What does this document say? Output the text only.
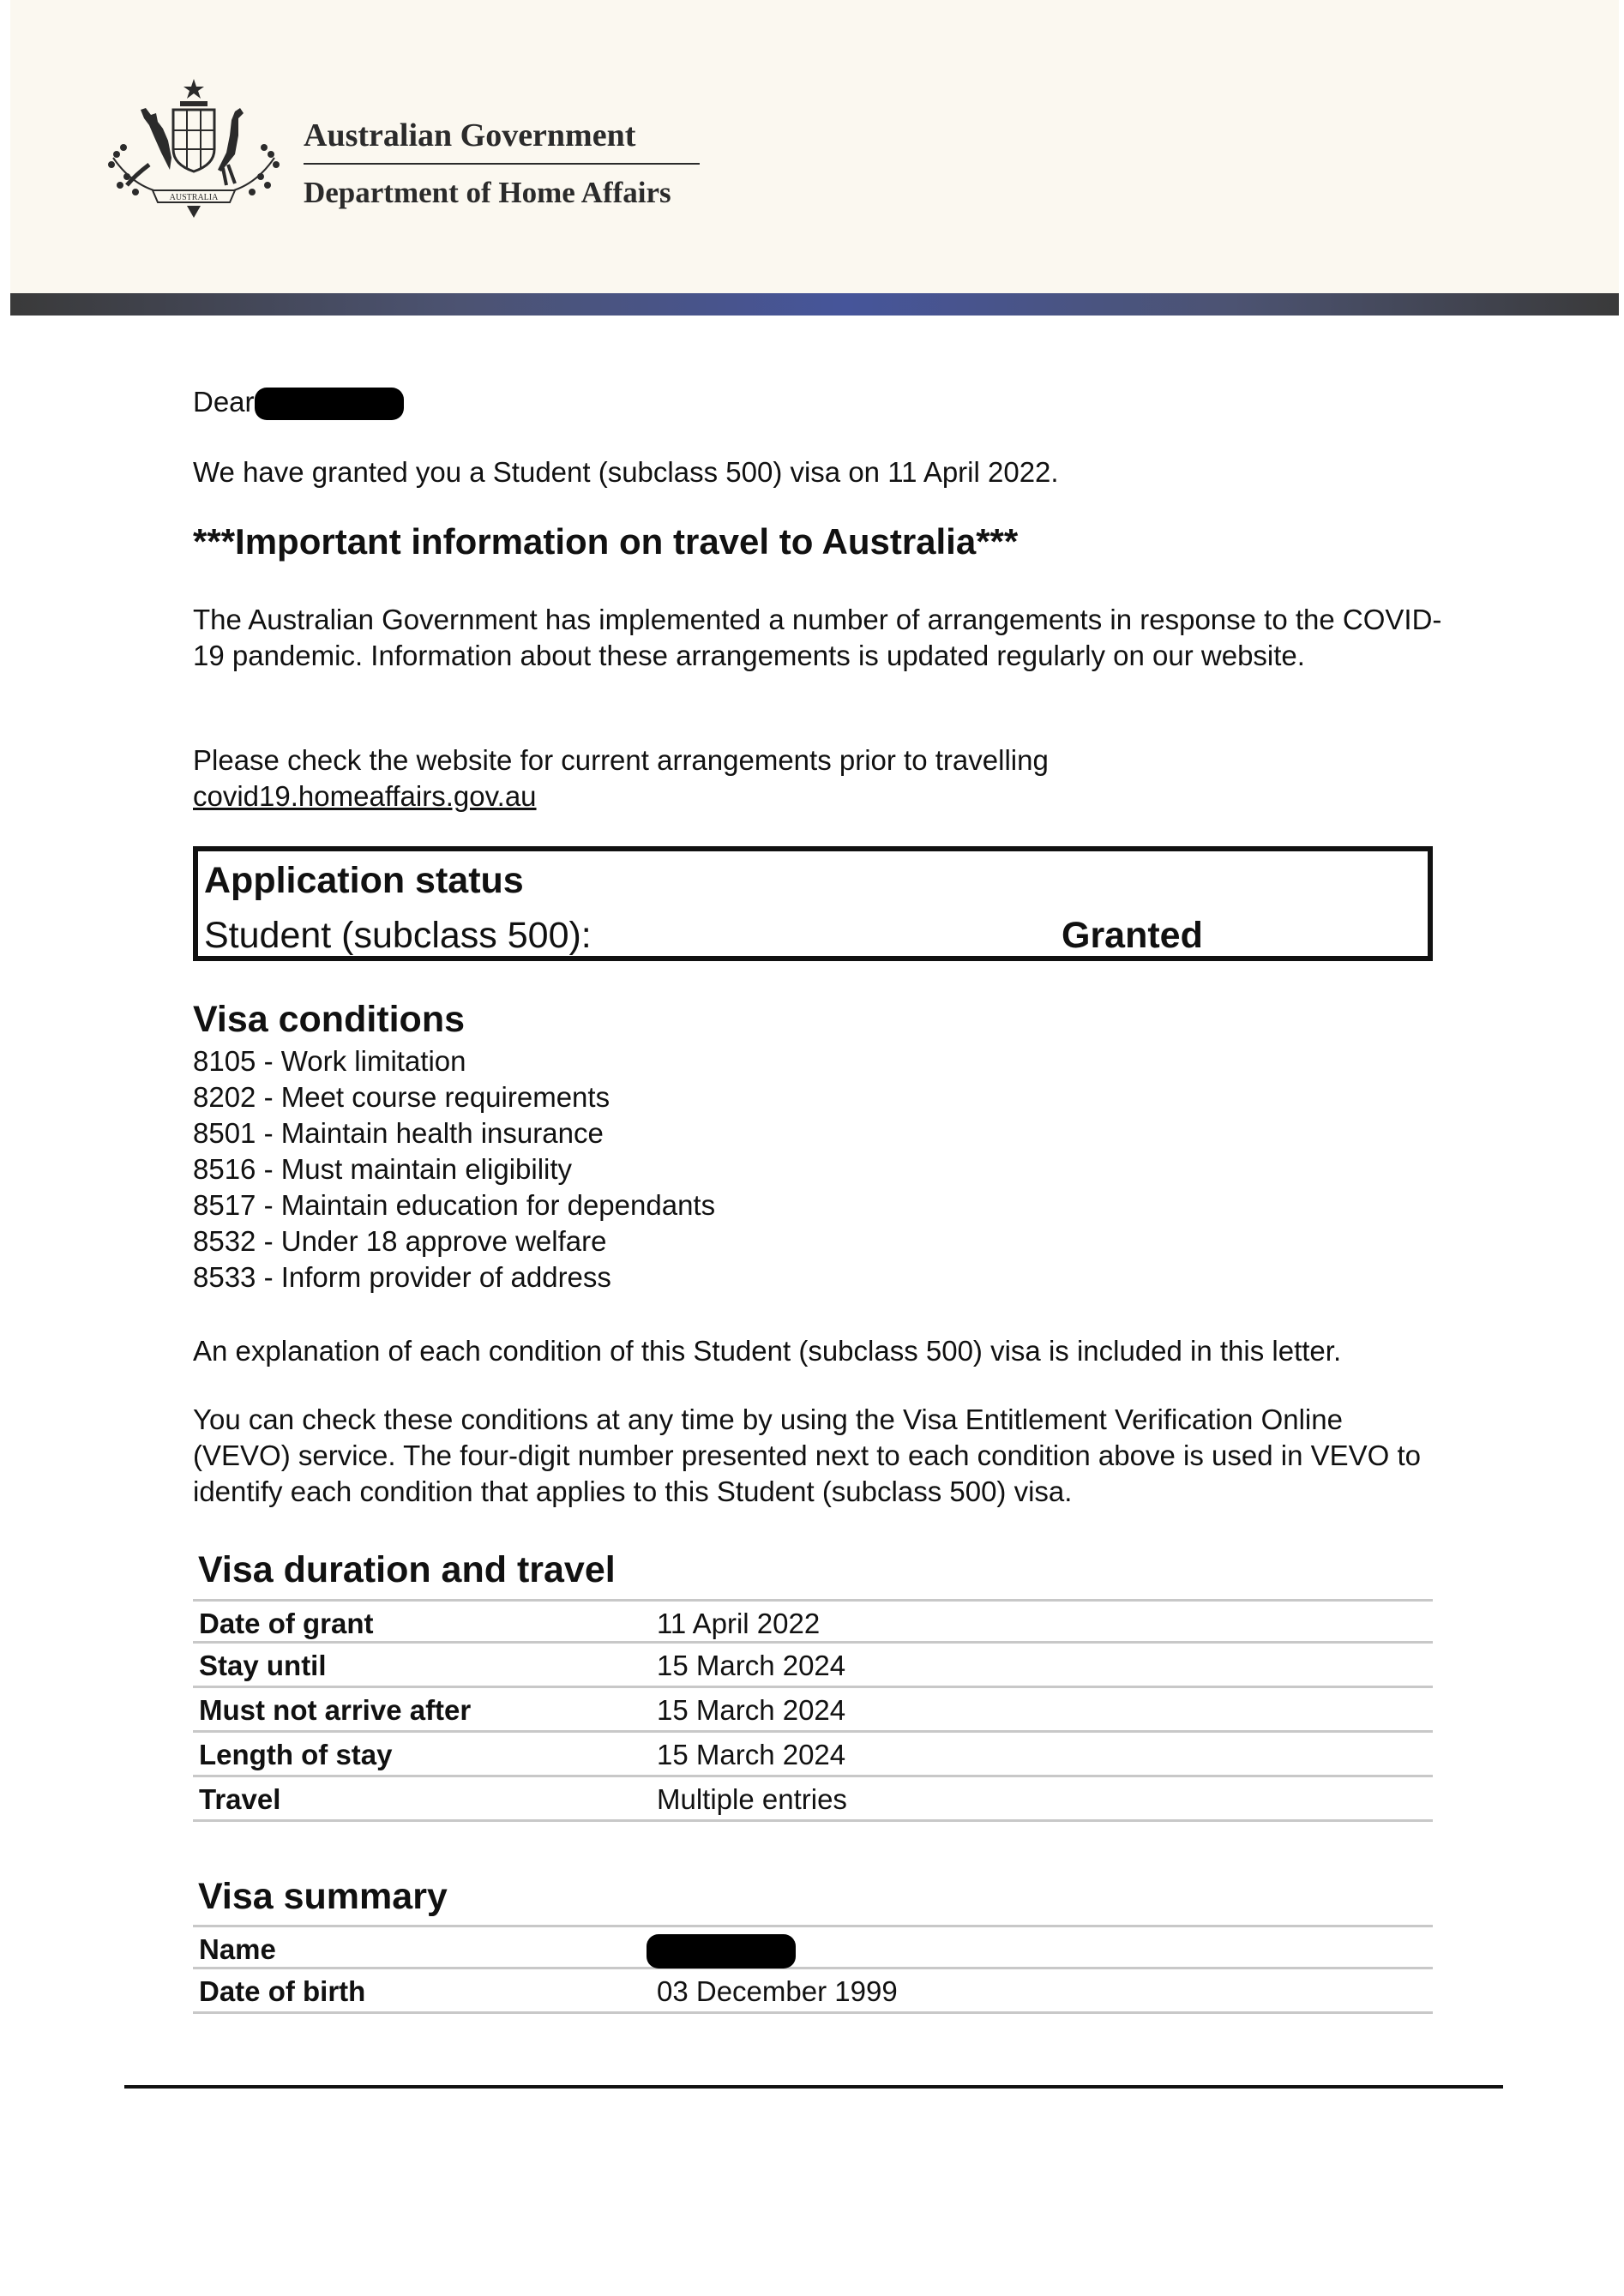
AUSTRALIA
Australian Government
Department of Home Affairs
Dear
We have granted you a Student (subclass 500) visa on 11 April 2022.
***Important information on travel to Australia***
The Australian Government has implemented a number of arrangements in response to the COVID-19 pandemic. Information about these arrangements is updated regularly on our website.
Please check the website for current arrangements prior to travelling
covid19.homeaffairs.gov.au
Application status
Student (subclass 500):	Granted
Visa conditions
8105 - Work limitation
8202 - Meet course requirements
8501 - Maintain health insurance
8516 - Must maintain eligibility
8517 - Maintain education for dependants
8532 - Under 18 approve welfare
8533 - Inform provider of address
An explanation of each condition of this Student (subclass 500) visa is included in this letter.
You can check these conditions at any time by using the Visa Entitlement Verification Online (VEVO) service. The four-digit number presented next to each condition above is used in VEVO to identify each condition that applies to this Student (subclass 500) visa.
Visa duration and travel
Date of grant	11 April 2022
Stay until	15 March 2024
Must not arrive after	15 March 2024
Length of stay	15 March 2024
Travel	Multiple entries
Visa summary
Name
Date of birth	03 December 1999
